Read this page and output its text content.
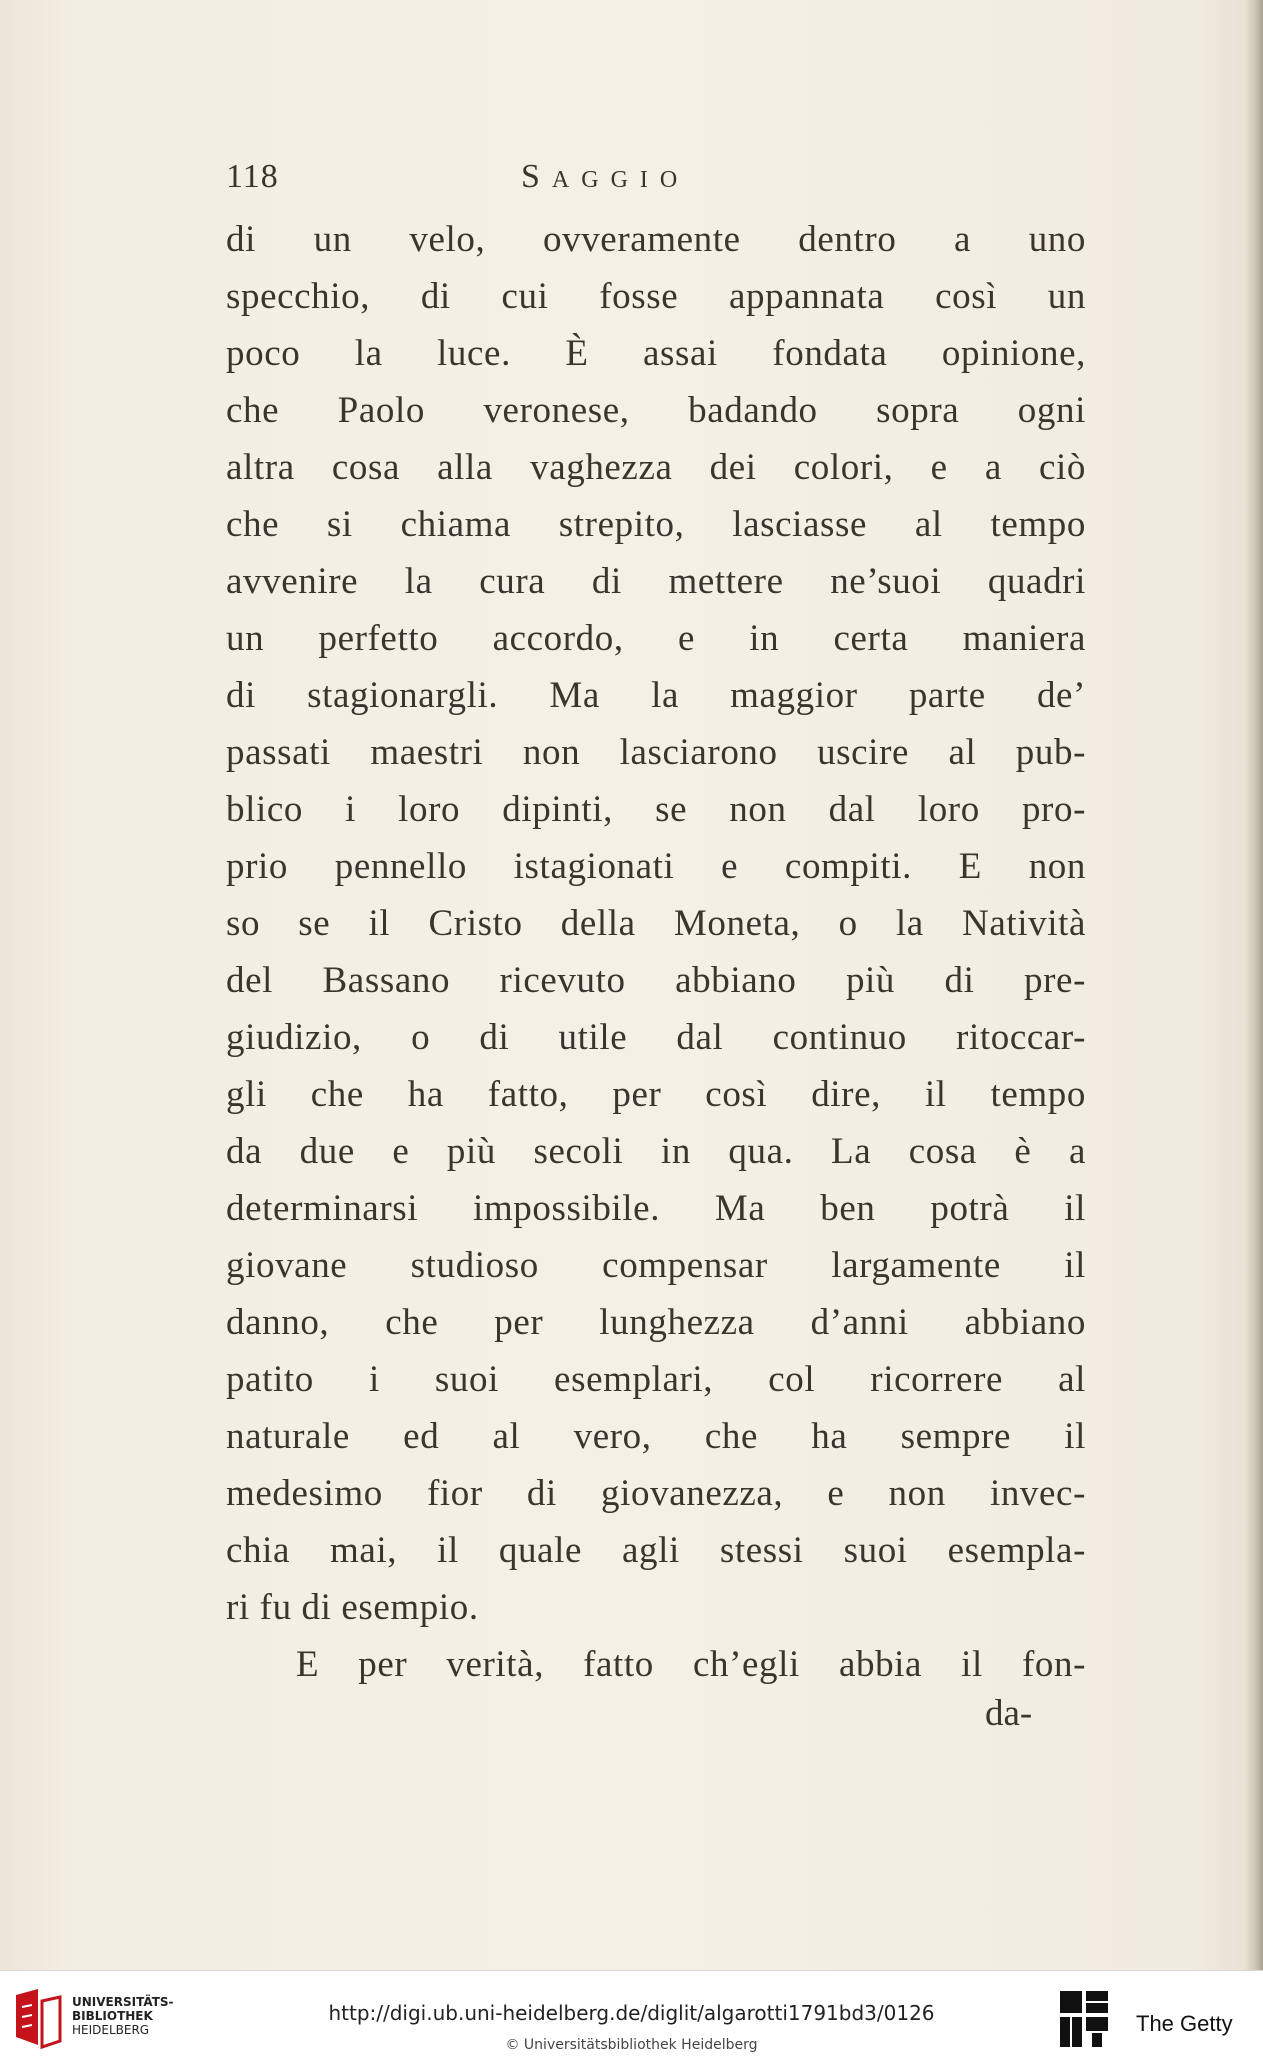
118	Saggio
di un velo, ovveramente dentro a uno
specchio, di cui fosse appannata così un
poco la luce. È assai fondata opinione,
che Paolo veronese, badando sopra ogni
altra cosa alla vaghezza dei colori, e a ciò
che si chiama strepito, lasciasse al tempo
avvenire la cura di mettere ne’suoi quadri
un perfetto accordo, e in certa maniera
di stagionargli. Ma la maggior parte de’
passati maestri non lasciarono uscire al pub-
blico i loro dipinti, se non dal loro pro-
prio pennello istagionati e compiti. E non
so se il Cristo della Moneta, o la Natività
del Bassano ricevuto abbiano più di pre-
giudizio, o di utile dal continuo ritoccar-
gli che ha fatto, per così dire, il tempo
da due e più secoli in qua. La cosa è a
determinarsi impossibile. Ma ben potrà il
giovane studioso compensar largamente il
danno, che per lunghezza d’anni abbiano
patito i suoi esemplari, col ricorrere al
naturale ed al vero, che ha sempre il
medesimo fior di giovanezza, e non invec-
chia mai, il quale agli stessi suoi esempla-
ri fu di esempio.
E per verità, fatto ch’egli abbia il fon-
da-
UNIVERSITÄTS-
BIBLIOTHEK
HEIDELBERG
http://digi.ub.uni-heidelberg.de/diglit/algarotti1791bd3/0126
© Universitätsbibliothek Heidelberg
The Getty
